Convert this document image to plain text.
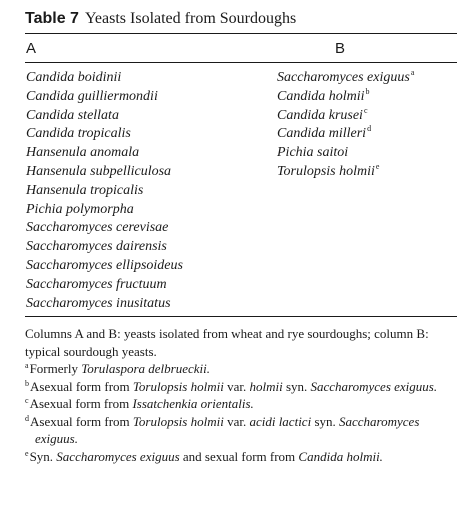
Table 7 Yeasts Isolated from Sourdoughs
A	B
Candida boidinii
Candida guilliermondii
Candida stellata
Candida tropicalis
Hansenula anomala
Hansenula subpelliculosa
Hansenula tropicalis
Pichia polymorpha
Saccharomyces cerevisae
Saccharomyces dairensis
Saccharomyces ellipsoideus
Saccharomyces fructuum
Saccharomyces inusitatus
Saccharomyces exiguus$^a$
Candida holmii$^b$
Candida krusei$^c$
Candida milleri$^d$
Pichia saitoi
Torulopsis holmii$^e$

Columns A and B: yeasts isolated from wheat and rye sourdoughs; column B: typical sourdough yeasts.

$^a$Formerly Torulaspora delbrueckii.

$^b$Asexual form from Torulopsis holmii var. holmii syn. Saccharomyces exiguus.

$^c$Asexual form from Issatchenkia orientalis.

$^d$Asexual form from Torulopsis holmii var. acidi lactici syn. Saccharomyces exiguus.

$^e$Syn. Saccharomyces exiguus and sexual form from Candida holmii.
